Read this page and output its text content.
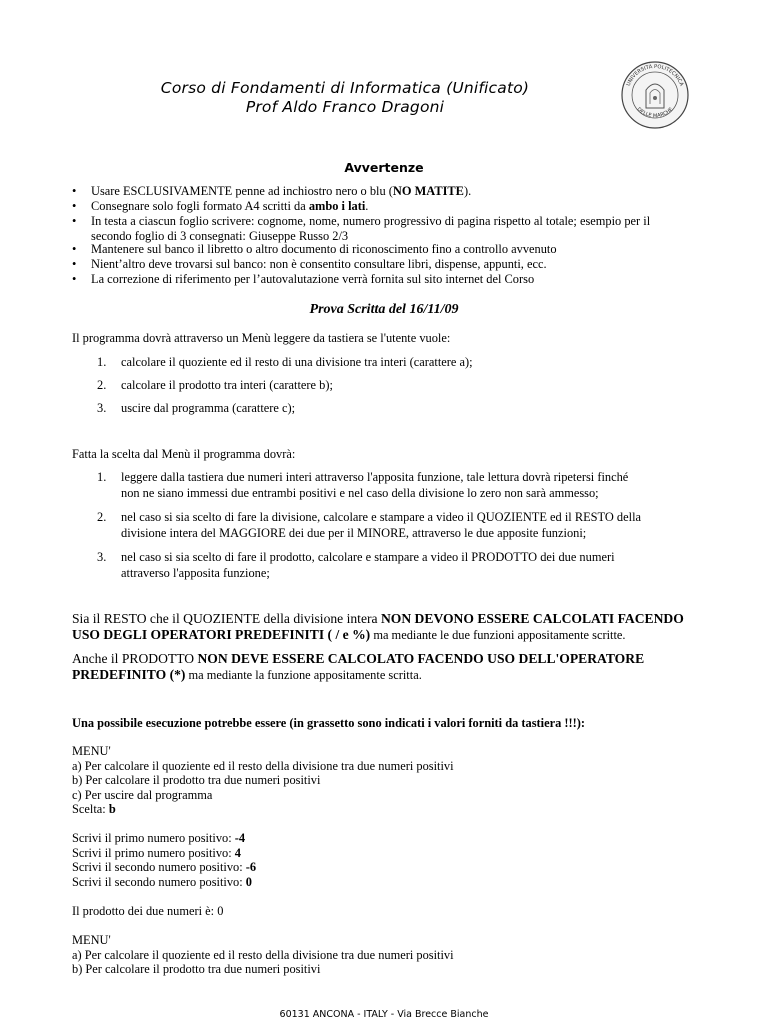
Corso di Fondamenti di Informatica (Unificato)
Prof Aldo Franco Dragoni
UNIVERSITÀ POLITECNICA
DELLE MARCHE
Avvertenze
• Usare ESCLUSIVAMENTE penne ad inchiostro nero o blu (NO MATITE).
• Consegnare solo fogli formato A4 scritti da ambo i lati.
• In testa a ciascun foglio scrivere: cognome, nome, numero progressivo di pagina rispetto al totale; esempio per il
secondo foglio di 3 consegnati: Giuseppe Russo 2/3
• Mantenere sul banco il libretto o altro documento di riconoscimento fino a controllo avvenuto
• Nient’altro deve trovarsi sul banco: non è consentito consultare libri, dispense, appunti, ecc.
• La correzione di riferimento per l’autovalutazione verrà fornita sul sito internet del Corso
Prova Scritta del 16/11/09
Il programma dovrà attraverso un Menù leggere da tastiera se l'utente vuole:
1. calcolare il quoziente ed il resto di una divisione tra interi (carattere a);
2. calcolare il prodotto tra interi (carattere b);
3. uscire dal programma (carattere c);
Fatta la scelta dal Menù il programma dovrà:
1. leggere dalla tastiera due numeri interi attraverso l'apposita funzione, tale lettura dovrà ripetersi finché
non ne siano immessi due entrambi positivi e nel caso della divisione lo zero non sarà ammesso;
2. nel caso si sia scelto di fare la divisione, calcolare e stampare a video il QUOZIENTE ed il RESTO della
divisione intera del MAGGIORE dei due per il MINORE, attraverso le due apposite funzioni;
3. nel caso si sia scelto di fare il prodotto, calcolare e stampare a video il PRODOTTO dei due numeri
attraverso l'apposita funzione;
Sia il RESTO che il QUOZIENTE della divisione intera NON DEVONO ESSERE CALCOLATI FACENDO
USO DEGLI OPERATORI PREDEFINITI ( / e %) ma mediante le due funzioni appositamente scritte.
Anche il PRODOTTO NON DEVE ESSERE CALCOLATO FACENDO USO DELL'OPERATORE
PREDEFINITO (*) ma mediante la funzione appositamente scritta.
Una possibile esecuzione potrebbe essere (in grassetto sono indicati i valori forniti da tastiera !!!):
MENU'
a) Per calcolare il quoziente ed il resto della divisione tra due numeri positivi
b) Per calcolare il prodotto tra due numeri positivi
c) Per uscire dal programma
Scelta: b
Scrivi il primo numero positivo: -4
Scrivi il primo numero positivo: 4
Scrivi il secondo numero positivo: -6
Scrivi il secondo numero positivo: 0
Il prodotto dei due numeri è: 0
MENU'
a) Per calcolare il quoziente ed il resto della divisione tra due numeri positivi
b) Per calcolare il prodotto tra due numeri positivi
60131 ANCONA - ITALY - Via Brecce Bianche
